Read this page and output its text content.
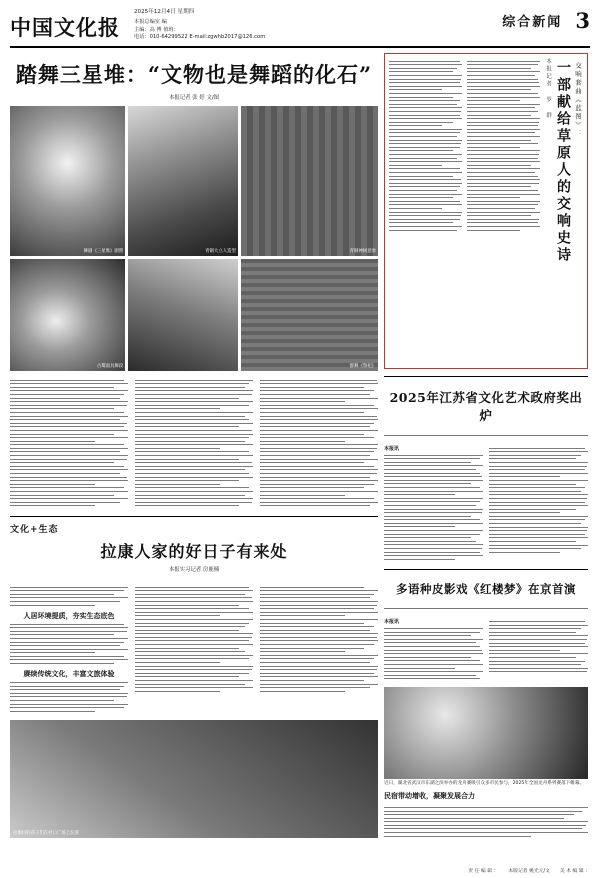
中国文化报
2025年12月4日 星期四
本报总编室 编
主编：高 博 值班：
电话：010-64299522 E-mail:zgwhb2017@126.com
综合新闻 3
踏舞三星堆：“文物也是舞蹈的化石”
本报记者 张 婷 文/图
舞剧《三星堆》剧照	青铜大立人造型	青铜神树意象
古蜀面具舞段	群舞《祭祀》
文化+生态
拉康人家的好日子有来处
本报实习记者 房鹿楠
人居环境提质，夯实生态底色
赓续传统文化，丰富文旅体验
拉康村的孩子们在村口广场上玩耍
交响套曲《蓝图》：
一部献给草原人的交响史诗
本报记者 罗 群
2025年江苏省文化艺术政府奖出炉
本报讯
多语种皮影戏《红楼梦》在京首演
本报讯
近日，湖北省武汉市东湖之滨举办的龙舟赛吸引众多市民参与，2025年全国龙舟系列赛落下帷幕。
民宿带动增收，凝聚发展合力
责 任 编 辑 ： 本版记者 姚光元/文 美 术 编 辑 ：
